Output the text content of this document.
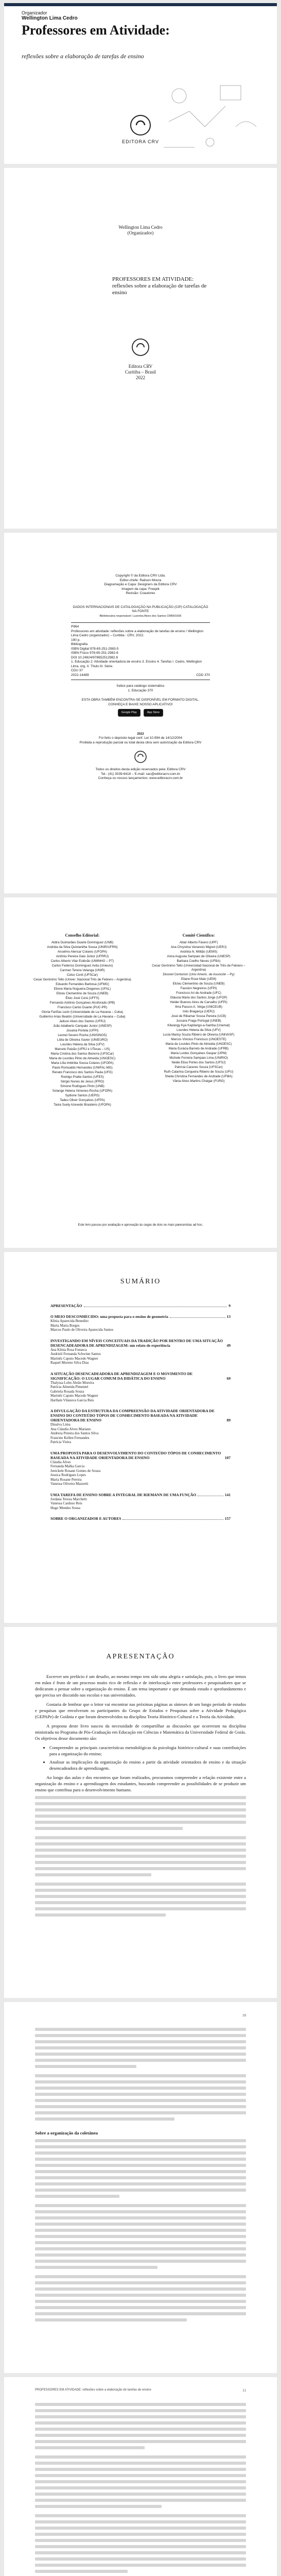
Organizador
Wellington Lima Cedro
Professores em Atividade:
reflexões sobre a elaboração de tarefas de ensino
EDITORA CRV
Wellington Lima Cedro
(Organizador)
PROFESSORES EM ATIVIDADE: reflexões sobre a elaboração de tarefas de ensino
Editora CRV
Curitiba – Brasil
2022
Copyright © da Editora CRV Ltda.
Editor-chefe: Railson Moura
Diagramação e Capa: Designers da Editora CRV
Imagem da capa: Freepik
Revisão: Coautores
DADOS INTERNACIONAIS DE CATALOGAÇÃO NA PUBLICAÇÃO (CIP) CATALOGAÇÃO NA FONTE
Bibliotecária responsável: Luzenira Alves dos Santos CRB9/1506
P964
Professores em atividade: reflexões sobre a elaboração de tarefas de ensino / Wellington Lima Cedro (organizador) – Curitiba : CRV, 2022.
190 p.
Bibliografia
ISBN Digital 978-65-251-2983-5
ISBN Físico 978-65-251-2982-8
DOI 10.24824/978652512982.8
1. Educação 2. Atividade orientadora de ensino 3. Ensino 4. Tarefas I. Cedro, Wellington Lima. org. II. Título III. Série.
CDU 37
2022-14489	CDD 370
Índice para catálogo sistemático
1. Educação 370
ESTA OBRA TAMBÉM ENCONTRA-SE DISPONÍVEL EM FORMATO DIGITAL.
CONHEÇA E BAIXE NOSSO APLICATIVO!
Google Play	App Store
2022
Foi feito o depósito legal conf. Lei 10.994 de 14/12/2004
Proibida a reprodução parcial ou total desta obra sem autorização da Editora CRV
Todos os direitos desta edição reservados pela: Editora CRV
Tel.: (41) 3039-6418 – E-mail: sac@editoracrv.com.br
Conheça os nossos lançamentos: www.editoracrv.com.br
Conselho Editorial:
Aldira Guimarães Duarte Domínguez (UNB)
Andréia da Silva Quintanilha Sousa (UNIR/UFRN)
Anselmo Alencar Colares (UFOPA)
Antônio Pereira Gaio Júnior (UFRRJ)
Carlos Alberto Vilar Estêvão (UMINHO – PT)
Carlos Federico Dominguez Avila (Unieuro)
Carmen Tereza Velanga (UNIR)
Celso Conti (UFSCar)
Cesar Gerónimo Tello (Univer .Nacional Três de Febrero – Argentina)
Eduardo Fernandes Barbosa (UFMG)
Elione Maria Nogueira Diogenes (UFAL)
Elizeu Clementino de Souza (UNEB)
Élsio José Corá (UFFS)
Fernando Antônio Gonçalves Alcoforado (IPB)
Francisco Carlos Duarte (PUC-PR)
Gloria Fariñas León (Universidade de La Havana – Cuba)
Guillermo Arias Beatón (Universidade de La Havana – Cuba)
Jailson Alves dos Santos (UFRJ)
João Adalberto Campato Junior (UNESP)
Josania Portela (UFPI)
Leonel Severo Rocha (UNISINOS)
Lídia de Oliveira Xavier (UNIEURO)
Lourdes Helena da Silva (UFV)
Marcelo Paixão (UFRJ e UTexas – US)
Maria Cristina dos Santos Bezerra (UFSCar)
Maria de Lourdes Pinto de Almeida (UNOESC)
Maria Lília Imbiriba Sousa Colares (UFOPA)
Paulo Romualdo Hernandes (UNIFAL-MG)
Renato Francisco dos Santos Paula (UFG)
Rodrigo Pratte-Santos (UFES)
Sérgio Nunes de Jesus (IFRO)
Simone Rodrigues Pinto (UNB)
Solange Helena Ximenes-Rocha (UFOPA)
Sydione Santos (UEPG)
Tadeu Oliver Gonçalves (UFPA)
Tania Suely Azevedo Brasileiro (UFOPA)
Comitê Científico:
Altair Alberto Fávero (UPF)
Ana Chrystina Venancio Mignot (UERJ)
Andréia N. Militão (UEMS)
Anna Augusta Sampaio de Oliveira (UNESP)
Barbara Coelho Neves (UFBA)
Cesar Gerónimo Tello (Universidad Nacional de Três de Febrero – Argentina)
Diosnel Centurion (Univ Americ. de Asunción – Py)
Eliane Rose Maio (UEM)
Elizeu Clementino de Souza (UNEB)
Fauston Negreiros (UFPI)
Francisco Ari de Andrade (UFC)
Gláucia Maria dos Santos Jorge (UFOP)
Helder Buenos Aires de Carvalho (UFPI)
Ilma Passos A. Veiga (UNICEUB)
Inês Bragança (UERJ)
José de Ribamar Sousa Pereira (UCB)
Jussara Fraga Portugal (UNEB)
Kilwangy Kya Kapitango-a-Samba (Unemat)
Lourdes Helena da Silva (UFV)
Lucia Marisy Souza Ribeiro de Oliveira (UNIVASF)
Marcos Vinicius Francisco (UNOESTE)
Maria de Lourdes Pinto de Almeida (UNOESC)
Maria Eurácia Barreto de Andrade (UFRB)
Maria Lurdes Gonçalves Gaspar (UPM)
Michele Ferreira Sampaio Lima (UNIRIO)
Neide Elisa Portes dos Santos (UFSJ)
Patrícia Caceres Souza (UFSCar)
Ruth Catarina Cerqueira Ribeiro de Souza (UFU)
Sheila Christina Fernandes de Andrade (UFMA)
Vânia Alves Martins Chaigar (FURG)
Este livro passou por avaliação e aprovação às cegas de dois ou mais pareceristas ad hoc.
SUMÁRIO
APRESENTAÇÃO	9
O MEIO DESCONHECIDO: uma proposta para o ensino de geometria	13
Kênia Aparecida Benedito
Maria Marta Borges
Marcos Paulo de Oliveira Aparecida Santos
INVESTIGANDO EM NÍVEIS CONCEITUAIS DA TRADIÇÃO POR DENTRO DE UMA SITUAÇÃO DESENCADEADORA DE APRENDIZAGEM: um relato de experiência	49
Ana Kênia Rosa Fonseca
Andrieli Fernanda Schwinn Santos
Marinêz Caputo Macedo Wagner
Raquel Moreno Silva Dias
A SITUAÇÃO DESENCADEADORA DE APRENDIZAGEM E O MOVIMENTO DE SIGNIFICAÇÃO: O LUGAR COMUM DA DIDÁTICA DO ENSINO	69
Thalyssa Lobo Abrão Moreira
Patrícia Almeida Pimentel
Gabriela Rosada Souza
Marinêz Caputo Macedo Wagner
Harllam Vilanova Garcia Reis
A DIVULGAÇÃO DA ESTRUTURA DA COMPREENSÃO DA ATIVIDADE ORIENTADORA DE ENSINO DO CONTEÚDO TÓPOS DE CONHECIMENTO BASEADA NA ATIVIDADE ORIENTADORA DE ENSINO	89
Dinalva Lima
Ana Cláudia Alves Mariano
Andreza Pereira dos Santos Silva
Francine Kellen Fernandes
Patrícia Vieira
UMA PROPOSTA PARA O DESENVOLVIMENTO DO CONTEÚDO TÓPOS DE CONHECIMENTO BASEADA NA ATIVIDADE ORIENTADORA DE ENSINO	107
Cláudia Alves
Fernanda Malka Garcia
Jenickele Rosane Gomes de Souza
Jessica Rodrigues Lopes
Maria Rosane Pereira
Vanessa Oliveira Mazzetti
UMA TAREFA DE ENSINO SOBRE A INTEGRAL DE RIEMANN DE UMA FUNÇÃO	141
Jordana Tereza Marchetti
Vanessa Cardoso Reis
Hugo Mendes Sousa
SOBRE O ORGANIZADOR E AUTORES	157
APRESENTAÇÃO

Escrever um prefácio é um desafio, ao mesmo tempo tem sido uma alegria e satisfação, pois, o livro que temos em mãos é fruto de um processo muito rico de reflexão e de interlocução entre professores e pesquisadores que se dedicaram a pensar sobre a organização do ensino. É um tema importante e que demanda estudo e aprofundamento e que precisa ser discutido nas escolas e nas universidades.

Gostaria de lembrar que o leitor vai encontrar nas próximas páginas as sínteses de um longo período de estudos e pesquisas que envolveram os participantes do Grupo de Estudos e Pesquisas sobre a Atividade Pedagógica (GEPAPe) de Goiânia e que foram desenvolvidos na disciplina Teoria Histórico-Cultural e a Teoria da Atividade.

A proposta deste livro nasceu da necessidade de compartilhar as discussões que ocorreram na disciplina ministrada no Programa de Pós-Graduação em Educação em Ciências e Matemática da Universidade Federal de Goiás. Os objetivos desse documento são:

• Compreender as principais características metodológicas da psicologia histórico-cultural e suas contribuições para a organização do ensino;
• Analisar as implicações da organização do ensino a partir da atividade orientadora de ensino e da situação desencadeadora de aprendizagem.

Ao longo das aulas e dos encontros que foram realizados, procuramos compreender a relação existente entre a organização do ensino e a aprendizagem dos estudantes, buscando compreender as possibilidades de se produzir um ensino que contribua para o desenvolvimento humano.

10
Sobre a organização da coletânea
PROFESSORES EM ATIVIDADE: reflexões sobre a elaboração de tarefas de ensino	11
